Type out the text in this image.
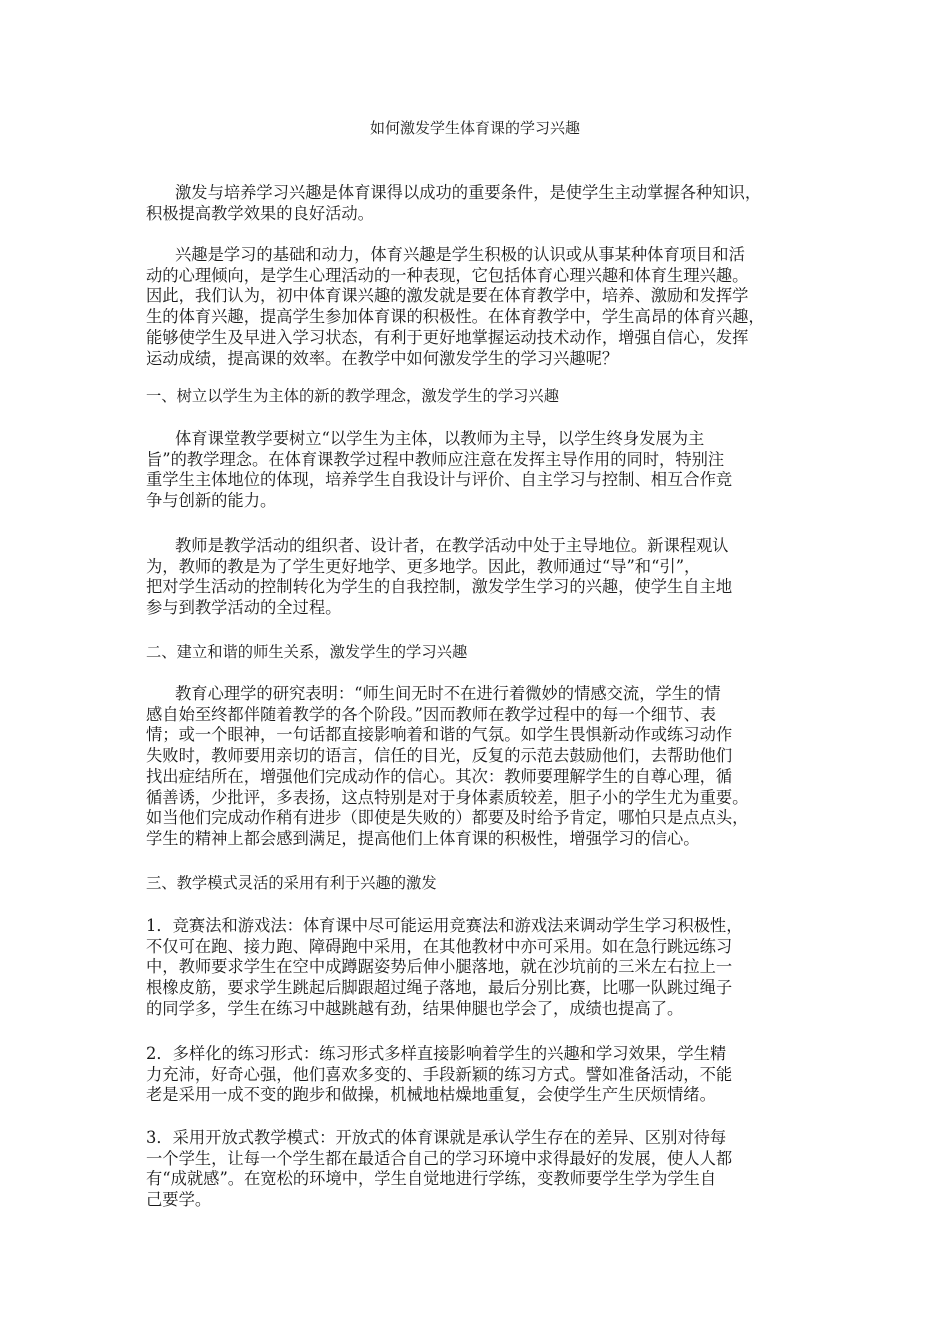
如何激发学生体育课的学习兴趣
激发与培养学习兴趣是体育课得以成功的重要条件，是使学生主动掌握各种知识，
积极提高教学效果的良好活动。
兴趣是学习的基础和动力，体育兴趣是学生积极的认识或从事某种体育项目和活
动的心理倾向，是学生心理活动的一种表现，它包括体育心理兴趣和体育生理兴趣。
因此，我们认为，初中体育课兴趣的激发就是要在体育教学中，培养、激励和发挥学
生的体育兴趣，提高学生参加体育课的积极性。在体育教学中，学生高昂的体育兴趣，
能够使学生及早进入学习状态，有利于更好地掌握运动技术动作，增强自信心，发挥
运动成绩，提高课的效率。在教学中如何激发学生的学习兴趣呢？
一、树立以学生为主体的新的教学理念，激发学生的学习兴趣
体育课堂教学要树立“以学生为主体，以教师为主导，以学生终身发展为主
旨”的教学理念。在体育课教学过程中教师应注意在发挥主导作用的同时，特别注
重学生主体地位的体现，培养学生自我设计与评价、自主学习与控制、相互合作竞
争与创新的能力。
教师是教学活动的组织者、设计者，在教学活动中处于主导地位。新课程观认
为，教师的教是为了学生更好地学、更多地学。因此，教师通过“导”和“引”，
把对学生活动的控制转化为学生的自我控制，激发学生学习的兴趣，使学生自主地
参与到教学活动的全过程。
二、建立和谐的师生关系，激发学生的学习兴趣
教育心理学的研究表明：“师生间无时不在进行着微妙的情感交流，学生的情
感自始至终都伴随着教学的各个阶段。”因而教师在教学过程中的每一个细节、表
情；或一个眼神，一句话都直接影响着和谐的气氛。如学生畏惧新动作或练习动作
失败时，教师要用亲切的语言，信任的目光，反复的示范去鼓励他们，去帮助他们
找出症结所在，增强他们完成动作的信心。其次：教师要理解学生的自尊心理，循
循善诱，少批评，多表扬，这点特别是对于身体素质较差，胆子小的学生尤为重要。
如当他们完成动作稍有进步（即使是失败的）都要及时给予肯定，哪怕只是点点头，
学生的精神上都会感到满足，提高他们上体育课的积极性，增强学习的信心。
三、教学模式灵活的采用有利于兴趣的激发
1．竞赛法和游戏法：体育课中尽可能运用竞赛法和游戏法来调动学生学习积极性，
不仅可在跑、接力跑、障碍跑中采用，在其他教材中亦可采用。如在急行跳远练习
中，教师要求学生在空中成蹲踞姿势后伸小腿落地，就在沙坑前的三米左右拉上一
根橡皮筋，要求学生跳起后脚跟超过绳子落地，最后分别比赛，比哪一队跳过绳子
的同学多，学生在练习中越跳越有劲，结果伸腿也学会了，成绩也提高了。
2．多样化的练习形式：练习形式多样直接影响着学生的兴趣和学习效果，学生精
力充沛，好奇心强，他们喜欢多变的、手段新颖的练习方式。譬如准备活动，不能
老是采用一成不变的跑步和做操，机械地枯燥地重复，会使学生产生厌烦情绪。
3．采用开放式教学模式：开放式的体育课就是承认学生存在的差异、区别对待每
一个学生，让每一个学生都在最适合自己的学习环境中求得最好的发展，使人人都
有“成就感”。在宽松的环境中，学生自觉地进行学练，变教师要学生学为学生自
己要学。
